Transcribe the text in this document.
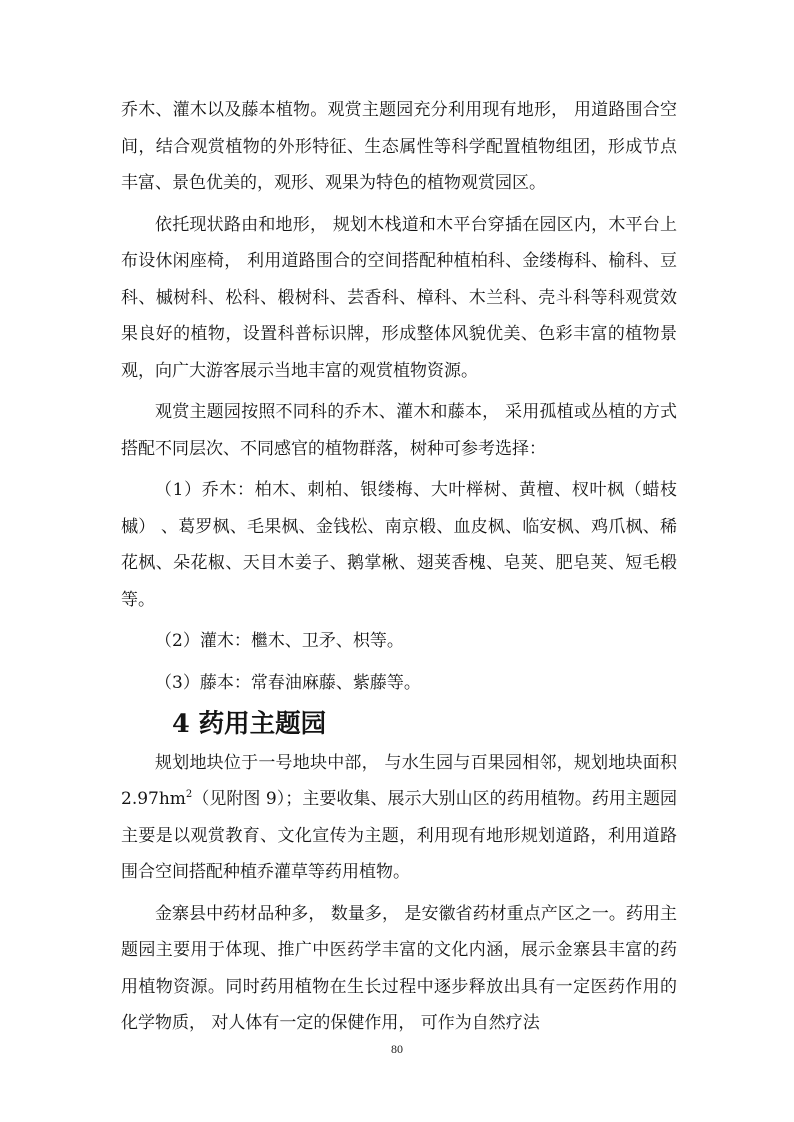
乔木、灌木以及藤本植物。观赏主题园充分利用现有地形， 用道路围合空间，结合观赏植物的外形特征、生态属性等科学配置植物组团，形成节点丰富、景色优美的，观形、观果为特色的植物观赏园区。

依托现状路由和地形， 规划木栈道和木平台穿插在园区内，木平台上布设休闲座椅， 利用道路围合的空间搭配种植柏科、金缕梅科、榆科、豆科、槭树科、松科、椴树科、芸香科、樟科、木兰科、壳斗科等科观赏效果良好的植物，设置科普标识牌，形成整体风貌优美、色彩丰富的植物景观，向广大游客展示当地丰富的观赏植物资源。

观赏主题园按照不同科的乔木、灌木和藤本， 采用孤植或丛植的方式搭配不同层次、不同感官的植物群落，树种可参考选择：

（1）乔木：柏木、刺柏、银缕梅、大叶榉树、黄檀、杈叶枫（蜡枝槭） 、葛罗枫、毛果枫、金钱松、南京椴、血皮枫、临安枫、鸡爪枫、稀花枫、朵花椒、天目木姜子、鹅掌楸、翅荚香槐、皂荚、肥皂荚、短毛椴等。

（2）灌木：檵木、卫矛、枳等。

（3）藤本：常春油麻藤、紫藤等。

4 药用主题园

规划地块位于一号地块中部， 与水生园与百果园相邻，规划地块面积 $2.97hm^2$（见附图 9）；主要收集、展示大别山区的药用植物。药用主题园主要是以观赏教育、文化宣传为主题，利用现有地形规划道路，利用道路围合空间搭配种植乔灌草等药用植物。

金寨县中药材品种多， 数量多， 是安徽省药材重点产区之一。药用主题园主要用于体现、推广中医药学丰富的文化内涵，展示金寨县丰富的药用植物资源。同时药用植物在生长过程中逐步释放出具有一定医药作用的化学物质， 对人体有一定的保健作用， 可作为自然疗法

80
